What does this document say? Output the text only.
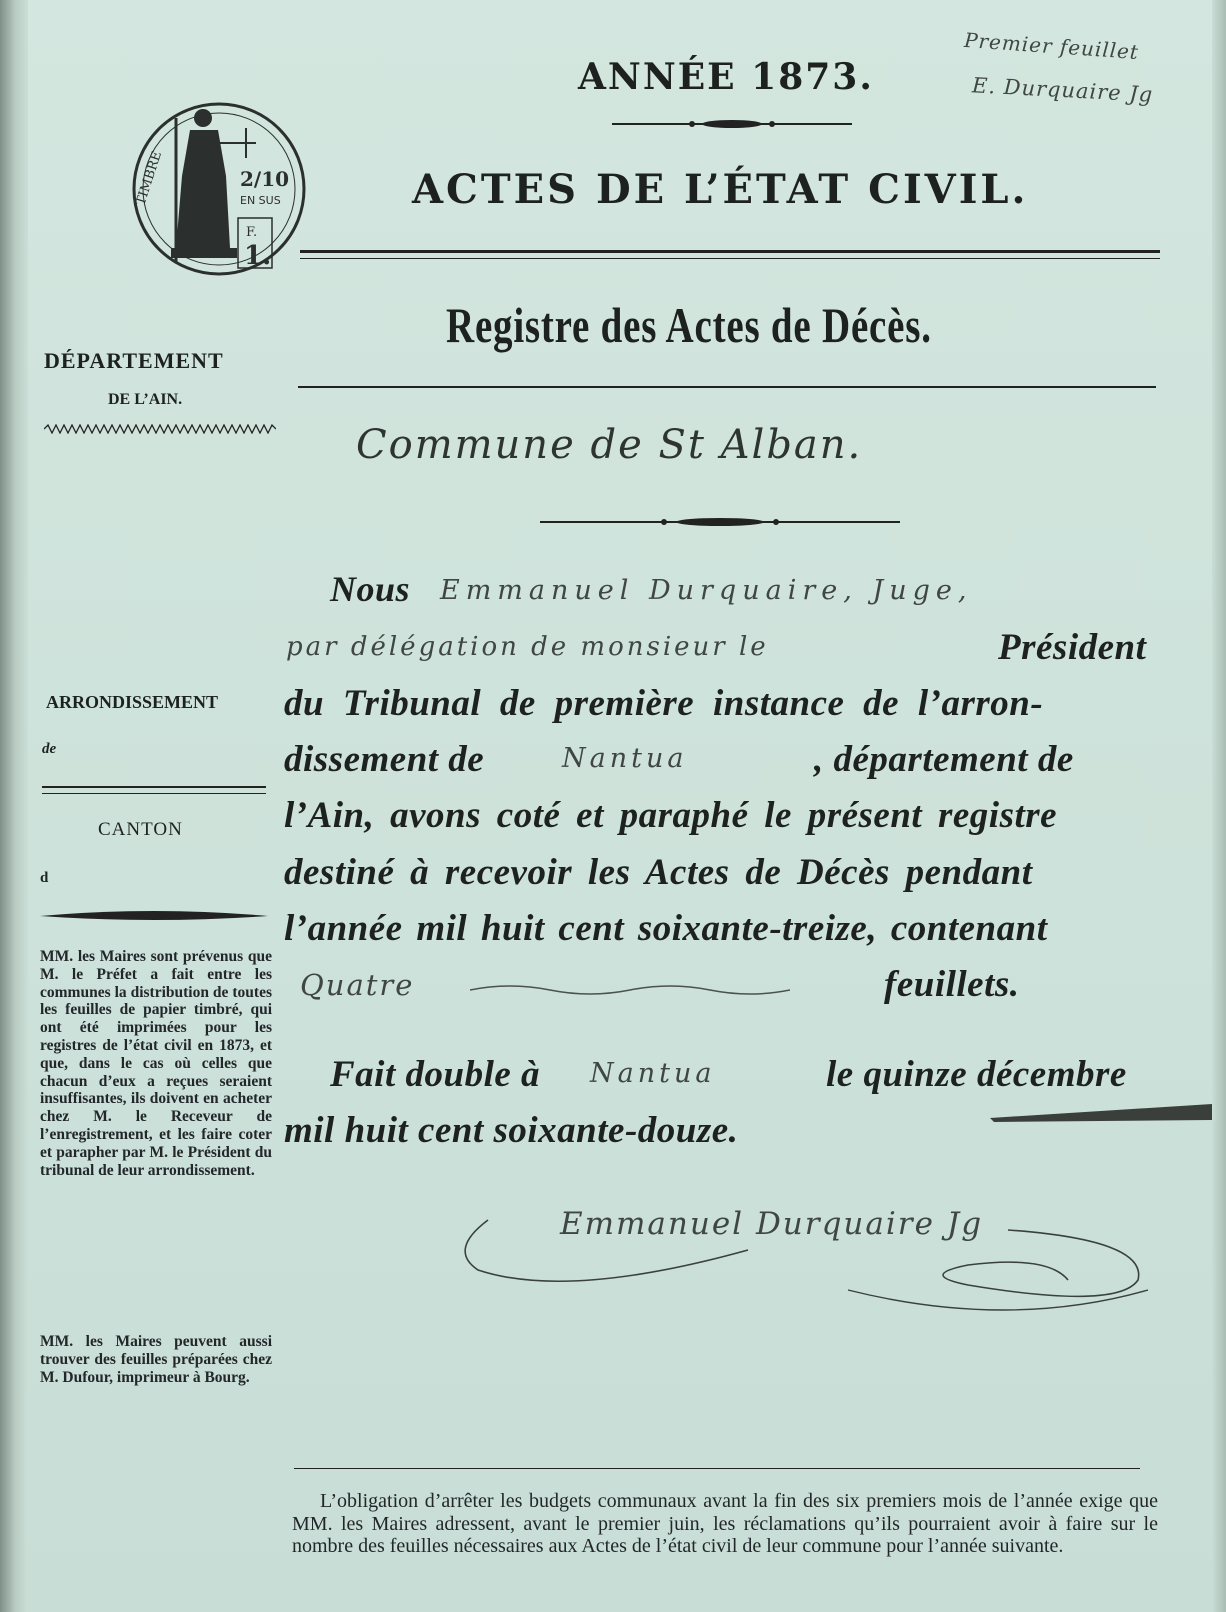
ANNÉE 1873.
ACTES DE L’ÉTAT CIVIL.
TIMBRE	2/10
EN SUS
F.
1.
Premier feuillet
E. Durquaire Jg
Registre des Actes de Décès.
DÉPARTEMENT
DE L’AIN.
ARRONDISSEMENT
de
CANTON
d
MM. les Maires sont prévenus que M. le Préfet a fait entre les communes la distribution de toutes les feuilles de papier timbré, qui ont été imprimées pour les registres de l’état civil en 1873, et que, dans le cas où celles que chacun d’eux a reçues seraient insuffisantes, ils doivent en acheter chez M. le Receveur de l’enregistrement, et les faire coter et parapher par M. le Président du tribunal de leur arrondissement.
MM. les Maires peuvent aussi trouver des feuilles préparées chez M. Dufour, imprimeur à Bourg.
Commune de St Alban.
Nous Emmanuel Durquaire, Juge,
par délégation de monsieur le	Président
du Tribunal de première instance de l’arron-
dissement de	Nantua	, département de
l’Ain, avons coté et paraphé le présent registre
destiné à recevoir les Actes de Décès pendant
l’année mil huit cent soixante-treize, contenant
Quatre	feuillets.
Fait double à Nantua	le quinze décembre
mil huit cent soixante-douze.
Emmanuel Durquaire Jg
L’obligation d’arrêter les budgets communaux avant la fin des six premiers mois de l’année exige que MM. les Maires adressent, avant le premier juin, les réclamations qu’ils pourraient avoir à faire sur le nombre des feuilles nécessaires aux Actes de l’état civil de leur commune pour l’année suivante.
